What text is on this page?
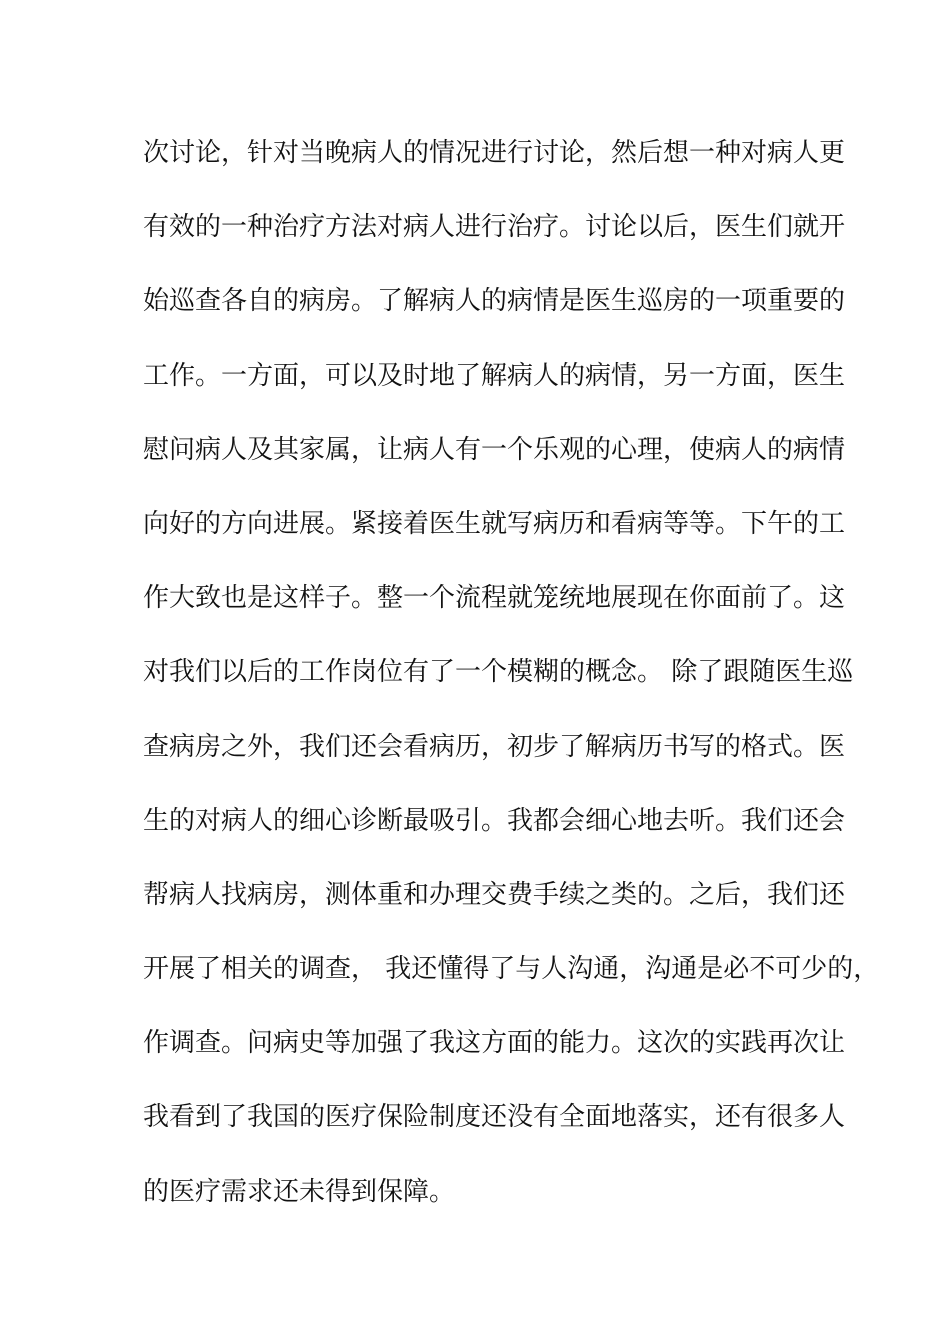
次讨论，针对当晚病人的情况进行讨论，然后想一种对病人更
有效的一种治疗方法对病人进行治疗。讨论以后，医生们就开
始巡查各自的病房。了解病人的病情是医生巡房的一项重要的
工作。一方面，可以及时地了解病人的病情，另一方面，医生
慰问病人及其家属，让病人有一个乐观的心理，使病人的病情
向好的方向进展。紧接着医生就写病历和看病等等。下午的工
作大致也是这样子。整一个流程就笼统地展现在你面前了。这
对我们以后的工作岗位有了一个模糊的概念。 除了跟随医生巡
查病房之外，我们还会看病历，初步了解病历书写的格式。医
生的对病人的细心诊断最吸引。我都会细心地去听。我们还会
帮病人找病房，测体重和办理交费手续之类的。之后，我们还
开展了相关的调查， 我还懂得了与人沟通，沟通是必不可少的，
作调查。问病史等加强了我这方面的能力。这次的实践再次让
我看到了我国的医疗保险制度还没有全面地落实，还有很多人
的医疗需求还未得到保障。
